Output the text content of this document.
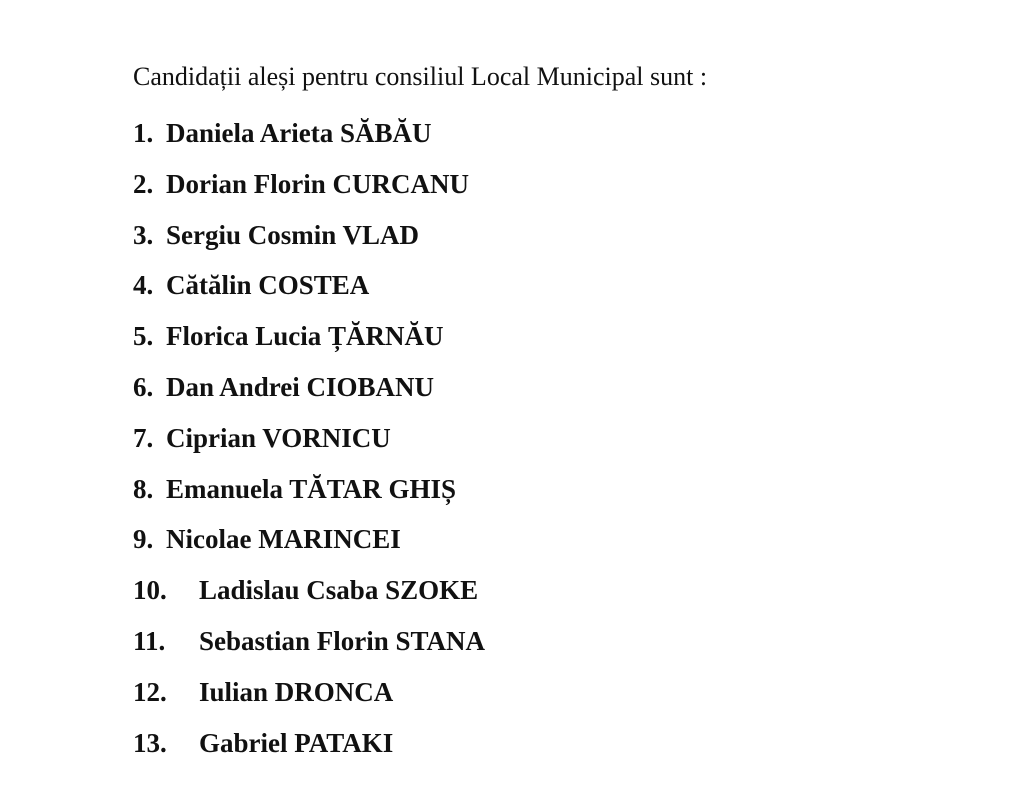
Candidații aleși pentru consiliul Local Municipal sunt :
1. Daniela Arieta SĂBĂU
2. Dorian Florin CURCANU
3. Sergiu Cosmin VLAD
4. Cătălin COSTEA
5. Florica Lucia ȚĂRNĂU
6. Dan Andrei CIOBANU
7. Ciprian VORNICU
8. Emanuela TĂTAR GHIȘ
9. Nicolae MARINCEI
10. Ladislau Csaba SZOKE
11. Sebastian Florin STANA
12. Iulian DRONCA
13. Gabriel PATAKI
